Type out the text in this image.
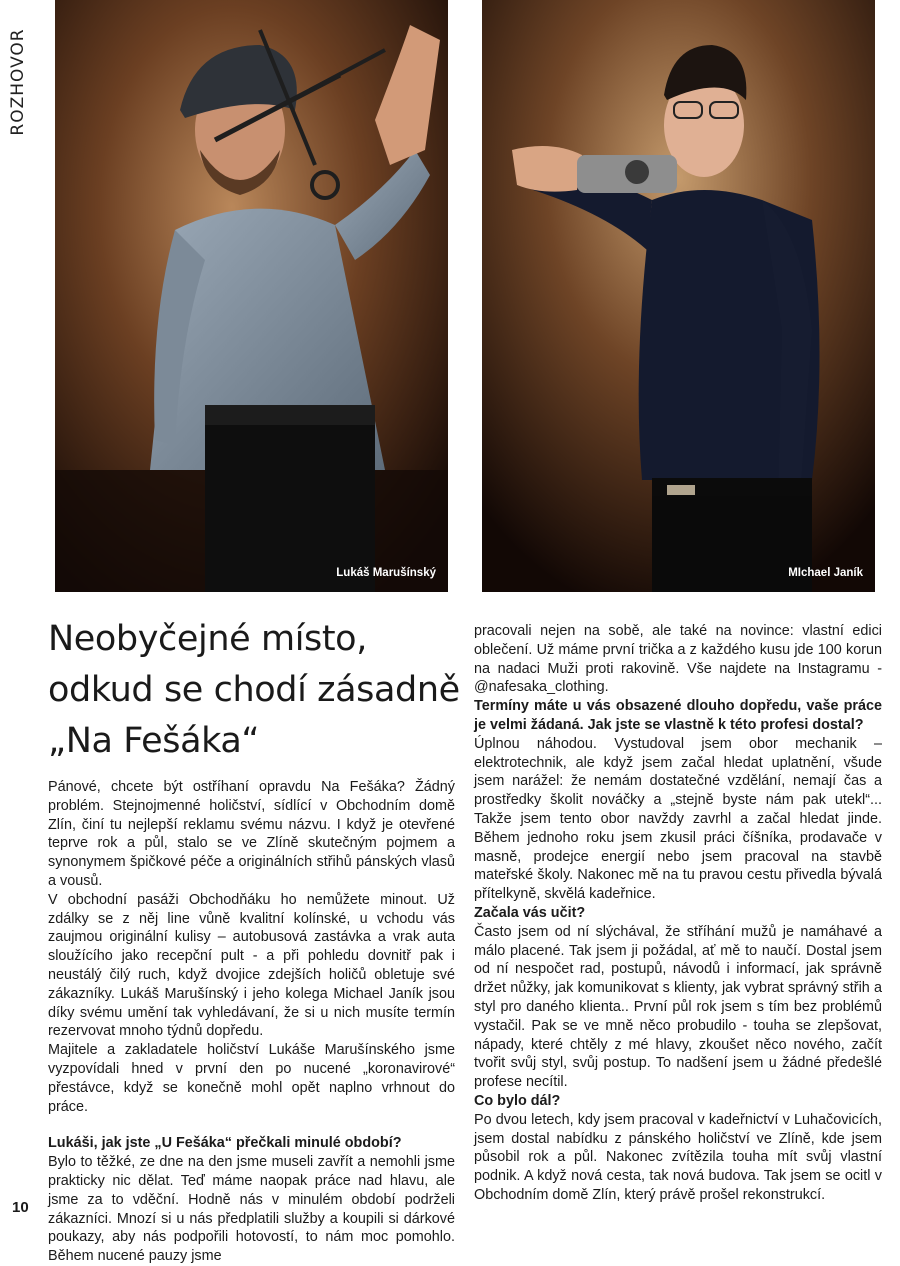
ROZHOVOR
Lukáš Marušínský	MIchael Janík
Neobyčejné místo, odkud se chodí zásadně „Na Fešáka“

Pánové, chcete být ostříhaní opravdu Na Fešáka? Žádný problém. Stejnojmenné holičství, sídlící v Obchodním domě Zlín, činí tu nejlepší reklamu svému názvu. I když je otevřené teprve rok a půl, stalo se ve Zlíně skutečným pojmem a synonymem špičkové péče a originálních střihů pánských vlasů a vousů.

V obchodní pasáži Obchodňáku ho nemůžete minout. Už zdálky se z něj line vůně kvalitní kolínské, u vchodu vás zaujmou originální kulisy – autobusová zastávka a vrak auta sloužícího jako recepční pult - a při pohledu dovnitř pak i neustálý čilý ruch, když dvojice zdejších holičů obletuje své zákazníky. Lukáš Marušínský i jeho kolega Michael Janík jsou díky svému umění tak vyhledávaní, že si u nich musíte termín rezervovat mnoho týdnů dopředu.

Majitele a zakladatele holičství Lukáše Marušínského jsme vyzpovídali hned v první den po nucené „koronavirové“ přestávce, když se konečně mohl opět naplno vrhnout do práce.

Lukáši, jak jste „U Fešáka“ přečkali minulé období?

Bylo to těžké, ze dne na den jsme museli zavřít a nemohli jsme prakticky nic dělat. Teď máme naopak práce nad hlavu, ale jsme za to vděční. Hodně nás v minulém období podrželi zákazníci. Mnozí si u nás předplatili služby a koupili si dárkové poukazy, aby nás podpořili hotovostí, to nám moc pomohlo. Během nucené pauzy jsme

pracovali nejen na sobě, ale také na novince: vlastní edici oblečení. Už máme první trička a z každého kusu jde 100 korun na nadaci Muži proti rakovině. Vše najdete na Instagramu - @nafesaka_clothing.

Termíny máte u vás obsazené dlouho dopředu, vaše práce je velmi žádaná. Jak jste se vlastně k této profesi dostal?

Úplnou náhodou. Vystudoval jsem obor mechanik – elektrotechnik, ale když jsem začal hledat uplatnění, všude jsem narážel: že nemám dostatečné vzdělání, nemají čas a prostředky školit nováčky a „stejně byste nám pak utekl“... Takže jsem tento obor navždy zavrhl a začal hledat jinde. Během jednoho roku jsem zkusil práci číšníka, prodavače v masně, prodejce energií nebo jsem pracoval na stavbě mateřské školy. Nakonec mě na tu pravou cestu přivedla bývalá přítelkyně, skvělá kadeřnice.

Začala vás učit?

Často jsem od ní slýchával, že stříhání mužů je namáhavé a málo placené. Tak jsem ji požádal, ať mě to naučí. Dostal jsem od ní nespočet rad, postupů, návodů i informací, jak správně držet nůžky, jak komunikovat s klienty, jak vybrat správný střih a styl pro daného klienta.. První půl rok jsem s tím bez problémů vystačil. Pak se ve mně něco probudilo - touha se zlepšovat, nápady, které chtěly z mé hlavy, zkoušet něco nového, začít tvořit svůj styl, svůj postup. To nadšení jsem u žádné předešlé profese necítil.

Co bylo dál?

Po dvou letech, kdy jsem pracoval v kadeřnictví v Luhačovicích, jsem dostal nabídku z pánského holičství ve Zlíně, kde jsem působil rok a půl. Nakonec zvítězila touha mít svůj vlastní podnik. A když nová cesta, tak nová budova. Tak jsem se ocitl v Obchodním domě Zlín, který právě prošel rekonstrukcí.

10
